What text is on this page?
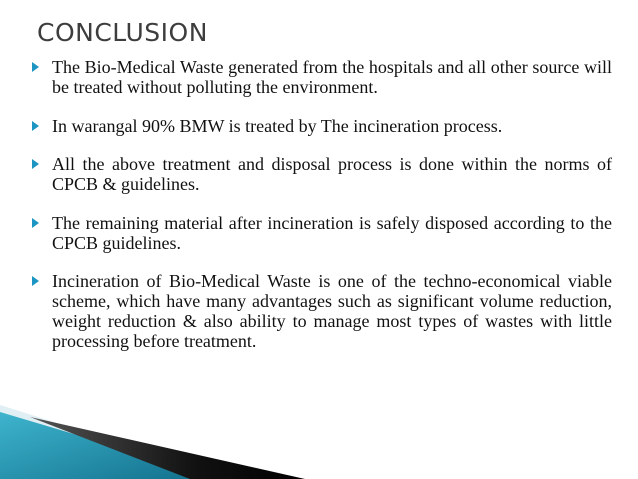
CONCLUSION
The Bio-Medical Waste generated from the hospitals and all other source will be treated without polluting the environment.
In warangal 90% BMW is treated by The incineration process.
All the above treatment and disposal process is done within the norms of CPCB & guidelines.
The remaining material after incineration is safely disposed according to the CPCB guidelines.
Incineration of Bio-Medical Waste is one of the techno-economical viable scheme, which have many advantages such as significant volume reduction, weight reduction & also ability to manage most types of wastes with little processing before treatment.
